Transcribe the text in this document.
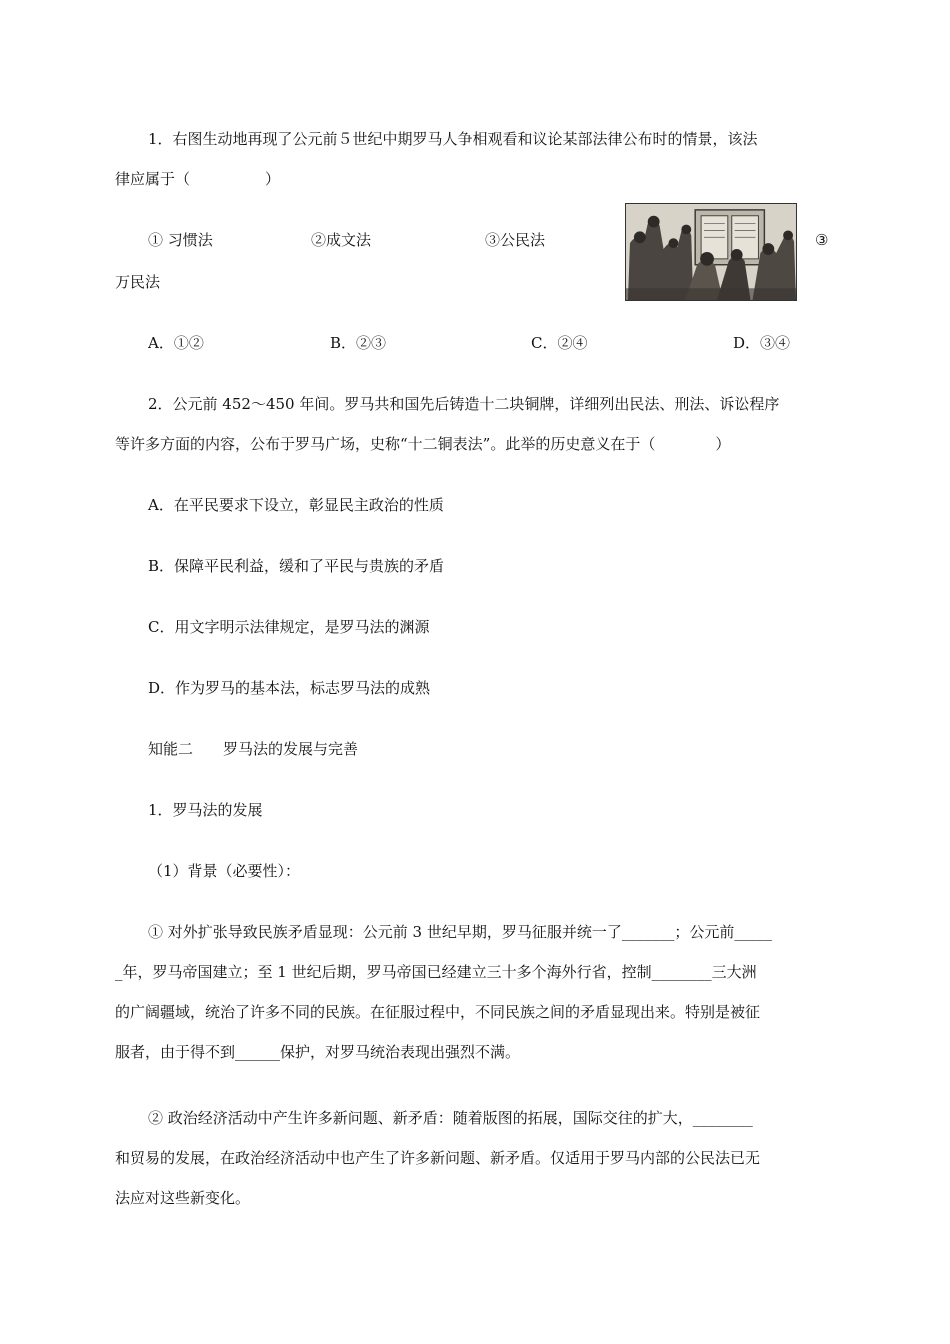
1．右图生动地再现了公元前５世纪中期罗马人争相观看和议论某部法律公布时的情景，该法

律应属于（　　　　　）

① 习惯法	②成文法	③公民法	③

万民法

A．①②	B．②③	C．②④	D．③④

2．公元前 452～450 年间。罗马共和国先后铸造十二块铜牌，详细列出民法、刑法、诉讼程序

等许多方面的内容，公布于罗马广场，史称“十二铜表法”。此举的历史意义在于（　　　　）

A．在平民要求下设立，彰显民主政治的性质

B．保障平民利益，缓和了平民与贵族的矛盾

C．用文字明示法律规定，是罗马法的渊源

D．作为罗马的基本法，标志罗马法的成熟

知能二　　罗马法的发展与完善

1．罗马法的发展

（1）背景（必要性）：

① 对外扩张导致民族矛盾显现：公元前 3 世纪早期，罗马征服并统一了_______；公元前_____

_年，罗马帝国建立；至 1 世纪后期，罗马帝国已经建立三十多个海外行省，控制________三大洲

的广阔疆域，统治了许多不同的民族。在征服过程中，不同民族之间的矛盾显现出来。特别是被征

服者，由于得不到______保护，对罗马统治表现出强烈不满。

② 政治经济活动中产生许多新问题、新矛盾：随着版图的拓展，国际交往的扩大，________

和贸易的发展，在政治经济活动中也产生了许多新问题、新矛盾。仅适用于罗马内部的公民法已无

法应对这些新变化。
